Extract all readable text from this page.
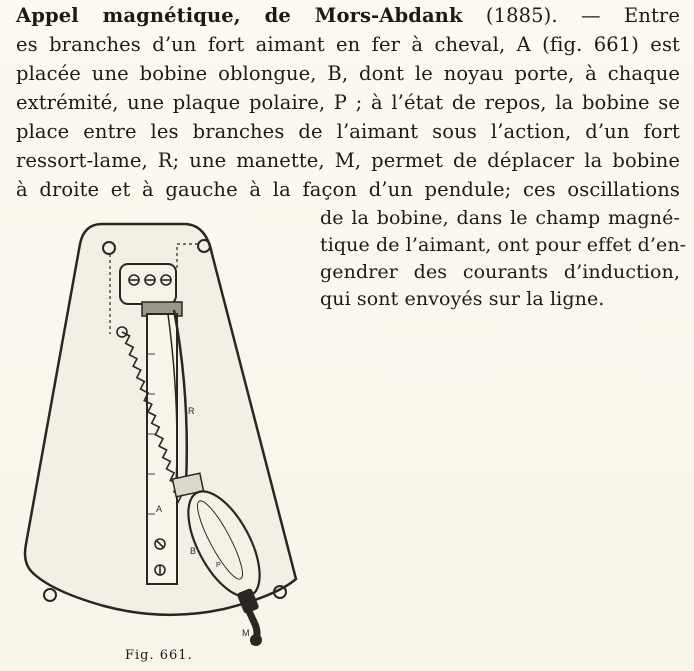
Appel magnétique, de Mors-Abdank (1885). — Entre
es branches d’un fort aimant en fer à cheval, A (fig. 661) est
placée une bobine oblongue, B, dont le noyau porte, à chaque
extrémité, une plaque polaire, P ; à l’état de repos, la bobine se
place entre les branches de l’aimant sous l’action, d’un fort
ressort-lame, R; une manette, M, permet de déplacer la bobine
à droite et à gauche à la façon d’un pendule; ces oscillations
de la bobine, dans le champ magné-
tique de l’aimant, ont pour effet d’en-
gendrer des courants d’induction,
qui sont envoyés sur la ligne.
R
A
B
P
M
Fig. 661.
